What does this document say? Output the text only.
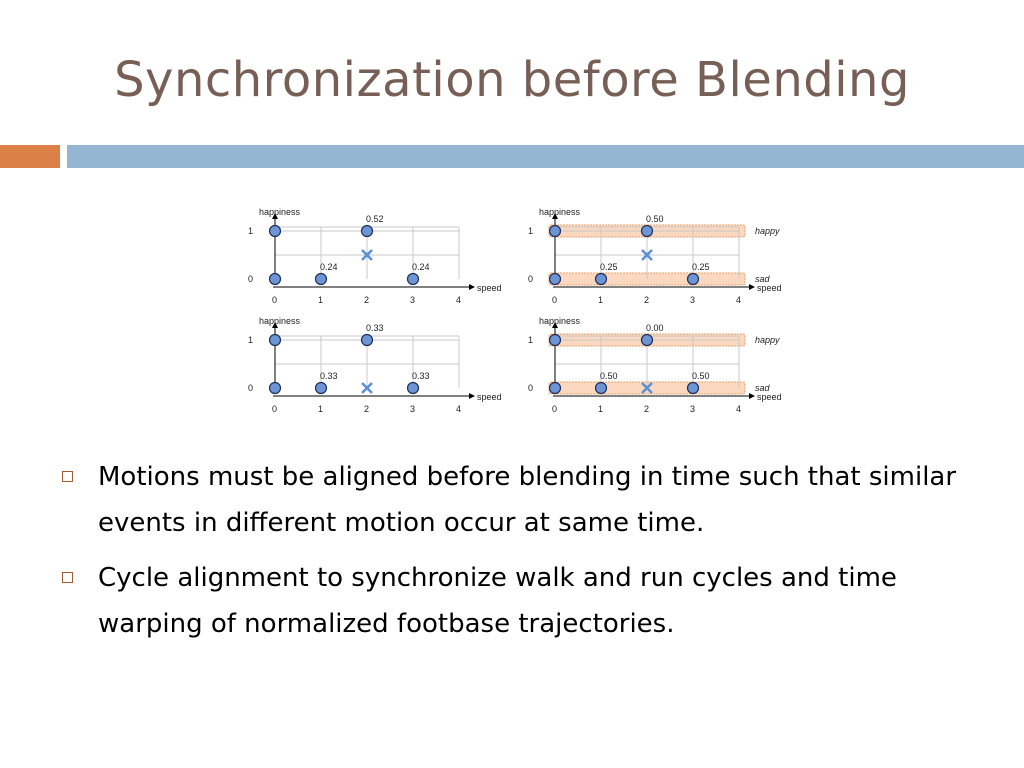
Synchronization before Blending
happiness
speed
0
1
0	1	2	3	4
0.52
0.24	0.24
happiness
speed
0
1
0	1	2	3	4
happy
sad
0.50
0.25	0.25
happiness
speed
0
1
0	1	2	3	4
0.33
0.33	0.33
happiness
speed
0
1
0	1	2	3	4
happy
sad
0.00
0.50	0.50
Motions must be aligned before blending in time such that similar events in different motion occur at same time.
Cycle alignment to synchronize walk and run cycles and time warping of normalized footbase trajectories.
